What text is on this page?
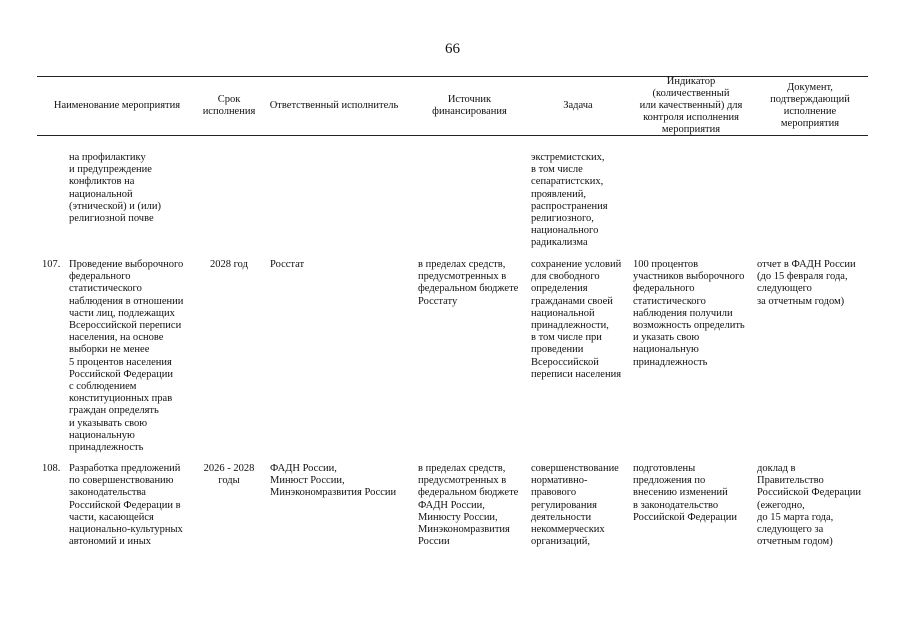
66
Наименование мероприятия
Срок
исполнения
Ответственный исполнитель
Источник
финансирования
Задача
Индикатор
(количественный
или качественный) для
контроля исполнения
мероприятия
Документ,
подтверждающий
исполнение
мероприятия
на профилактику
и предупреждение
конфликтов на
национальной
(этнической) и (или)
религиозной почве
экстремистских,
в том числе
сепаратистских,
проявлений,
распространения
религиозного,
национального
радикализма
107. Проведение выборочного
федерального
статистического
наблюдения в отношении
части лиц, подлежащих
Всероссийской переписи
населения, на основе
выборки не менее
5 процентов населения
Российской Федерации
с соблюдением
конституционных прав
граждан определять
и указывать свою
национальную
принадлежность
2028 год	Росстат	в пределах средств,
предусмотренных в
федеральном бюджете
Росстату
сохранение условий
для свободного
определения
гражданами своей
национальной
принадлежности,
в том числе при
проведении
Всероссийской
переписи населения
100 процентов
участников выборочного
федерального
статистического
наблюдения получили
возможность определить
и указать свою
национальную
принадлежность
отчет в ФАДН России
(до 15 февраля года,
следующего
за отчетным годом)
108. Разработка предложений
по совершенствованию
законодательства
Российской Федерации в
части, касающейся
национально-культурных
автономий и иных
2026 - 2028
годы
ФАДН России,
Минюст России,
Минэкономразвития России
в пределах средств,
предусмотренных в
федеральном бюджете
ФАДН России,
Минюсту России,
Минэкономразвития
России
совершенствование
нормативно-
правового
регулирования
деятельности
некоммерческих
организаций,
подготовлены
предложения по
внесению изменений
в законодательство
Российской Федерации
доклад в
Правительство
Российской Федерации
(ежегодно,
до 15 марта года,
следующего за
отчетным годом)
